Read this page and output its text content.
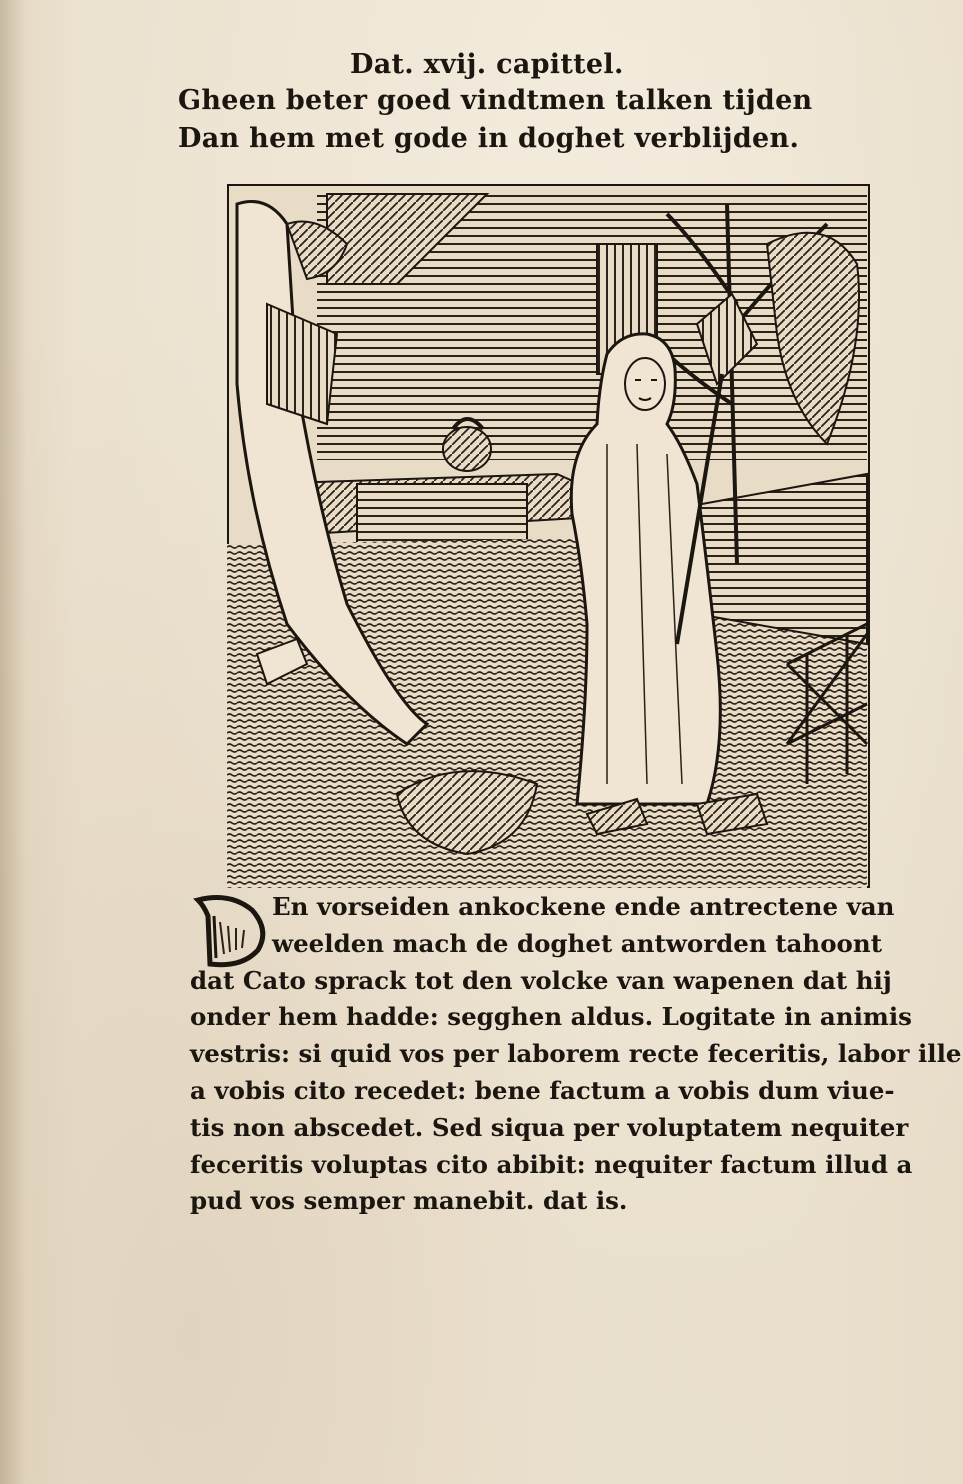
Dat. xvij. capittel.
Gheen beter goed vindtmen talken tijden
Dan hem met gode in doghet verblijden.
En vorseiden ankockene ende antrectene van
weelden mach de doghet antworden tahoont
dat Cato sprack tot den volcke van wapenen dat hij
onder hem hadde: segghen aldus. Logitate in animis
vestris: si quid vos per laborem recte feceritis, labor ille
a vobis cito recedet: bene factum a vobis dum viue-
tis non abscedet. Sed siqua per voluptatem nequiter
feceritis voluptas cito abibit: nequiter factum illud a
pud vos semper manebit. dat is.
